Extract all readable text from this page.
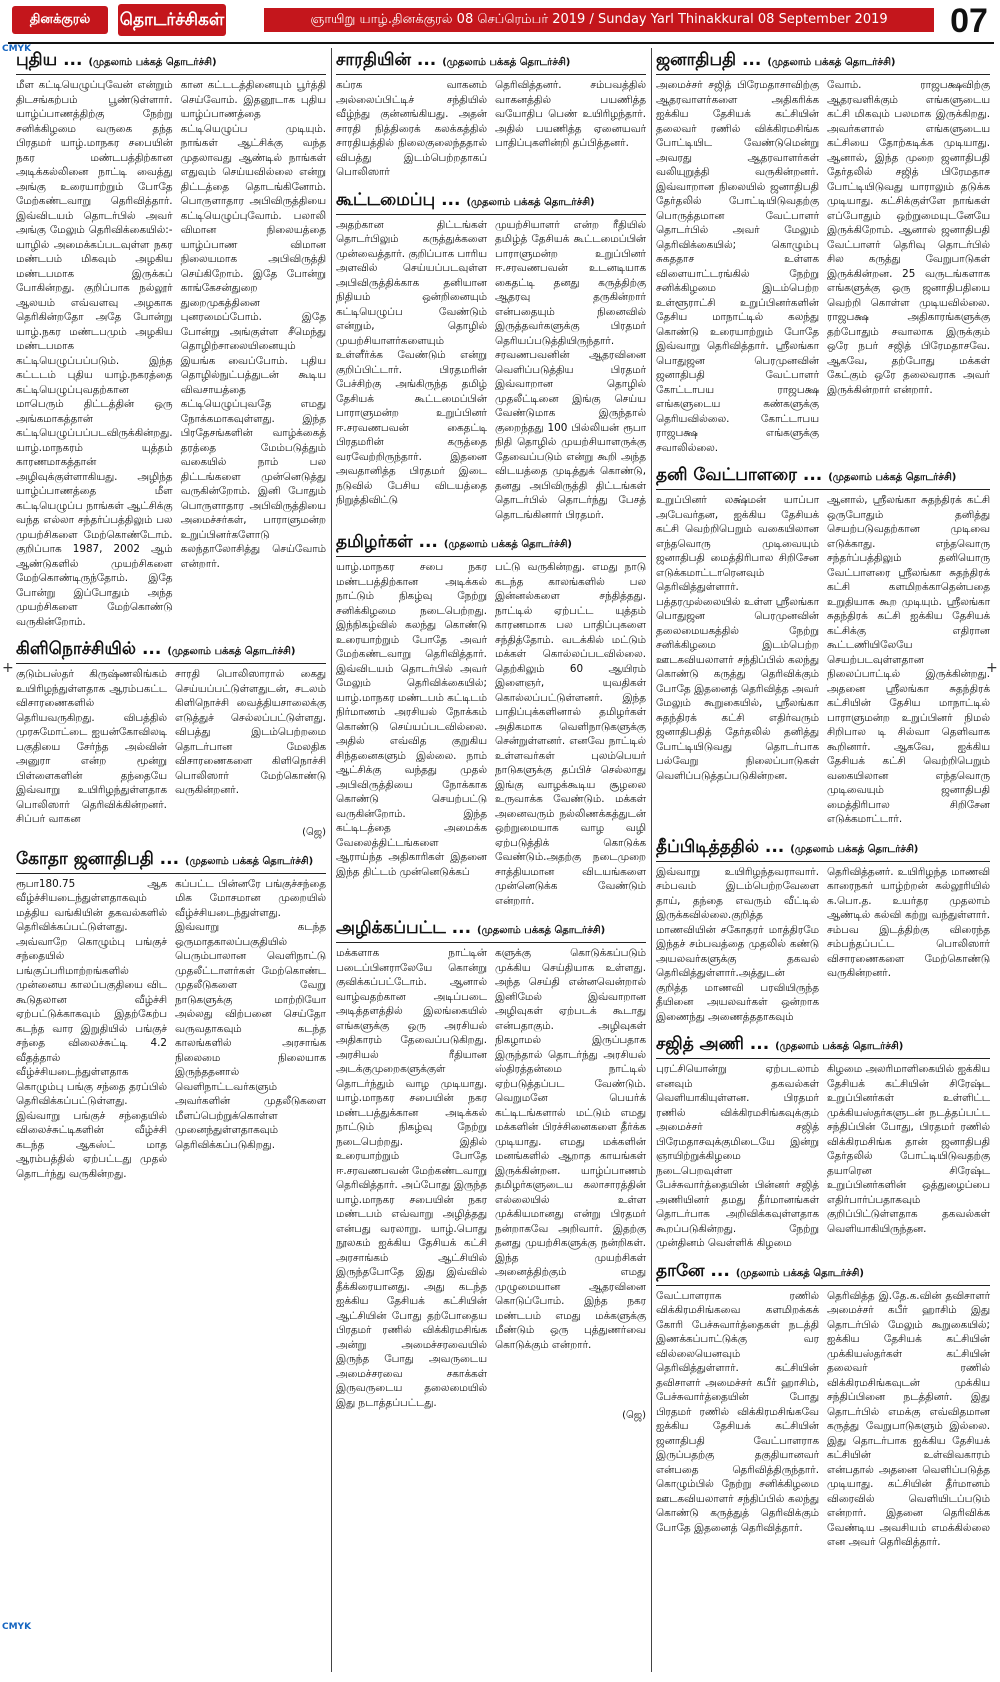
தினக்குரல்	தொடர்ச்சிகள்	ஞாயிறு யாழ்.தினக்குரல் 08 செப்ரெம்பர் 2019 / Sunday Yarl Thinakkural 08 September 2019	07
CMYK
CMYK
புதிய ... (முதலாம் பக்கத் தொடர்ச்சி)

மீள கட்டியெழுப்புவேன் என்றும் திடசங்கற்பம் பூண்டுள்ளார். யாழ்ப்பாணத்திற்கு நேற்று சனிக்கிழமை வருகை தந்த பிரதமர் யாழ்.மாநகர சபையின் நகர மண்டபத்திற்கான அடிக்கல்லினை நாட்டி வைத்து அங்கு உரையாற்றும் போதே மேற்கண்டவாறு தெரிவித்தார். இவ்விடயம் தொடர்பில் அவர் அங்கு மேலும் தெரிவிக்கையில்:- யாழில் அமைக்கப்படவுள்ள நகர மண்டபம் மிகவும் அழகிய மண்டபமாக இருக்கப் போகின்றது. குறிப்பாக நல்லூர் ஆலயம் எவ்வளவு அழகாக தெரிகின்றதோ அதே போன்று யாழ்.நகர மண்டபமும் அழகிய மண்டபமாக கட்டியெழுப்பப்படும். இந்த கட்டடம் புதிய யாழ்.நகரத்தை கட்டியெழுப்புவதற்கான மாபெரும் திட்டத்தின் ஒரு அங்கமாகத்தான் கட்டியெழுப்பப்படவிருக்கின்றது. யாழ்.மாநகரம் யுத்தம் காரணமாகத்தான் அழிவுக்குள்ளாகியது. அழிந்த யாழ்ப்பாணத்தை மீள கட்டியெழுப்ப நாங்கள் ஆட்சிக்கு வந்த எல்லா சந்தர்ப்பத்திலும் பல முயற்சிகளை மேற்கொண்டோம். குறிப்பாக 1987, 2002 ஆம் ஆண்டுகளில் முயற்சிகளை மேற்கொண்டிருந்தோம். இதே போன்று இப்போதும் அந்த முயற்சிகளை மேற்கொண்டு வருகின்றோம்.

கான கட்டடத்தினையும் பூர்த்தி செய்வோம். இதனூடாக புதிய யாழ்ப்பாணத்தை கட்டியெழுப்ப முடியும். நாங்கள் ஆட்சிக்கு வந்த முதலாவது ஆண்டில் நாங்கள் எதுவும் செய்யவில்லை என்று திட்டத்தை தொடங்கினோம். பொருளாதார அபிவிருத்தியை கட்டியெழுப்புவோம். பலாலி விமான நிலையத்தை யாழ்ப்பாண விமான நிலையமாக அபிவிருத்தி செய்கிறோம். இதே போன்று காங்கேசன்துறை துறைமுகத்தினை புனரமைப்போம். இதே போன்று அங்குள்ள சீமெந்து தொழிற்சாலையினையும் இயங்க வைப்போம். புதிய தொழில்நுட்பத்துடன் கூடிய விவசாயத்தை கட்டியெழுப்புவதே எமது நோக்கமாகவுள்ளது. இந்த பிரதேசங்களின் வாழ்க்கைத் தரத்தை மேம்படுத்தும் வகையில் நாம் பல திட்டங்களை முன்னெடுத்து வருகின்றோம். இனி போதும் பொருளாதார அபிவிருத்தியை அமைச்சர்கள், பாராளுமன்ற உறுப்பினர்களோடு கலந்தாலோசித்து செய்வோம் என்றார்.

கிளிநொச்சியில் ... (முதலாம் பக்கத் தொடர்ச்சி)

குடும்பஸ்தர் கிருஷ்ணலிங்கம் உயிரிழந்துள்ளதாக ஆரம்பகட்ட விசாரணைகளில் தெரியவருகிறது. விபத்தில் முரசுமோட்டை ஐயன்கோவிலடி பகுதியை சேர்ந்த அல்வின் அனுரா என்ற மூன்று பிள்ளைகளின் தந்தையே இவ்வாறு உயிரிழந்துள்ளதாக பொலிஸார் தெரிவிக்கின்றனர். சிப்பர் வாகன

சாரதி பொலிஸாரால் கைது செய்யப்பட்டுள்ளதுடன், சடலம் கிளிநொச்சி வைத்தியசாலைக்கு எடுத்துச் செல்லப்பட்டுள்ளது. விபத்து இடம்பெற்றமை தொடர்பான மேலதிக விசாரணைகளை கிளிநொச்சி பொலிஸார் மேற்கொண்டு வருகின்றனர்.

(ஜெ)
கோதா ஜனாதிபதி ... (முதலாம் பக்கத் தொடர்ச்சி)

ரூபா180.75 ஆக வீழ்ச்சியடைந்துள்ளதாகவும் மத்திய வங்கியின் தகவல்களில் தெரிவிக்கப்பட்டுள்ளது. அவ்வாறே கொழும்பு பங்குச் சந்தையில் பங்குப்பரிமாற்றங்களில் முன்னைய காலப்பகுதியை விட கூடுதலான வீழ்ச்சி ஏற்பட்டுக்காகவும் இதற்கேற்ப கடந்த வார இறுதியில் பங்குச் சந்தை விலைச்சுட்டி 4.2 வீதத்தால் வீழ்ச்சியடைந்துள்ளதாக கொழும்பு பங்கு சந்தை தரப்பில் தெரிவிக்கப்பட்டுள்ளது. இவ்வாறு பங்குச் சந்தையில் விலைச்சுட்டிகளின் வீழ்ச்சி கடந்த ஆகஸ்ட் மாத ஆரம்பத்தில் ஏற்பட்டது முதல் தொடர்ந்து வருகின்றது.

கப்பட்ட பின்னரே பங்குச்சந்தை மிக மோசமான முறையில் வீழ்ச்சியடைந்துள்ளது. இவ்வாறு கடந்த ஒருமாதகாலப்பகுதியில் பெரும்பாலான வெளிநாட்டு முதலீட்டாளர்கள் மேற்கொண்ட முதலீடுகளை வேறு நாடுகளுக்கு மாற்றியோ அல்லது விற்பனை செய்தோ வருவதாகவும் கடந்த காலங்களில் அரசாங்க நிலைமை நிலையாக இருந்ததனால் வெளிநாட்டவர்களும் அவர்களின் முதலீடுகளை மீளப்பெற்றுக்கொள்ள முனைந்துள்ளதாகவும் தெரிவிக்கப்படுகிறது.

சாரதியின் ... (முதலாம் பக்கத் தொடர்ச்சி)

கப்ரக வாகனம் அல்லைப்பிட்டிச் சந்தியில் வீழ்ந்து குன்னங்கியது. அதன் சாரதி நித்திரைக் கலக்கத்தில் சாரதியத்தில் நிலைகுலைந்ததால் விபத்து இடம்பெற்றதாகப் பொலிஸார்

தெரிவித்தனர். சம்பவத்தில் வாகனத்தில் பயணித்த வயோதிப பெண் உயிரிழந்தார். அதில் பயணித்த ஏனையவர் பாதிப்புகளின்றி தப்பித்தனர்.

கூட்டமைப்பு ... (முதலாம் பக்கத் தொடர்ச்சி)

அதற்கான திட்டங்கள் தொடர்பிலும் கருத்துக்களை முன்வைத்தார். குறிப்பாக பாரிய அளவில் செய்யப்படவுள்ள அபிவிருத்திக்காக தனியான நிதியம் ஒன்றினையும் கட்டியெழுப்ப வேண்டும் என்றும், தொழில் முயற்சியாளர்களையும் உள்ளீர்க்க வேண்டும் என்று குறிப்பிட்டார். பிரதமரின் பேச்சிற்கு அங்கிருந்த தமிழ் தேசியக் கூட்டமைப்பின் பாராளுமன்ற உறுப்பினர் ஈ.சரவணபவன் கைதட்டி பிரதமரின் கருத்தை வரவேற்றிருந்தார். இதனை அவதானித்த பிரதமர் இடை நடுவில் பேசிய விடயத்தை நிறுத்திவிட்டு

முயற்சியாளர் என்ற ரீதியில் தமிழ்த் தேசியக் கூட்டமைப்பின் பாராளுமன்ற உறுப்பினர் ஈ.சரவணபவன் உடனடியாக கைதட்டி தனது கருத்திற்கு ஆதரவு தருகின்றார் என்பதையும் நினைவில் இருத்தவர்களுக்கு பிரதமர் தெரியப்படுத்தியிருந்தார். சரவணபவனின் ஆதரவினை வெளிப்படுத்திய பிரதமர் இவ்வாறான தொழில் முதலீட்டினை இங்கு செய்ய வேண்டுமாக இருந்தால் குறைந்தது 100 பில்லியன் ரூபா நிதி தொழில் முயற்சியாளருக்கு தேவைப்படும் என்று கூறி அந்த விடயத்தை முடித்துக் கொண்டு, தனது அபிவிருத்தி திட்டங்கள் தொடர்பில் தொடர்ந்து பேசத் தொடங்கினார் பிரதமர்.

தமிழர்கள் ... (முதலாம் பக்கத் தொடர்ச்சி)

யாழ்.மாநகர சபை நகர மண்டபத்திற்கான அடிக்கல் நாட்டும் நிகழ்வு நேற்று சனிக்கிழமை நடைபெற்றது. இந்நிகழ்வில் கலந்து கொண்டு உரையாற்றும் போதே அவர் மேற்கண்டவாறு தெரிவித்தார். இவ்விடயம் தொடர்பில் அவர் மேலும் தெரிவிக்கையில்; யாழ்.மாநகர மண்டபம் கட்டிடம் நிர்மாணம் அரசியல் நோக்கம் கொண்டு செய்யப்படவில்லை. அதில் எவ்வித குறுகிய சிந்தனைகளும் இல்லை. நாம் ஆட்சிக்கு வந்தது முதல் அபிவிருத்தியை நோக்காக கொண்டு செயற்பட்டு வருகின்றோம். இந்த கட்டிடத்தை அமைக்க வேலைத்திட்டங்களை ஆராய்ந்த அதிகாரிகள் இதனை இந்த திட்டம் முன்னெடுக்கப்

பட்டு வருகின்றது. எமது நாடு கடந்த காலங்களில் பல இன்னல்களை சந்தித்தது. நாட்டில் ஏற்பட்ட யுத்தம் காரணமாக பல பாதிப்புகளை சந்தித்தோம். வடக்கில் மட்டும் மக்கள் கொல்லப்படவில்லை. தெற்கிலும் 60 ஆயிரம் இளைஞர், யுவதிகள் கொல்லப்பட்டுள்ளனர். இந்த பாதிப்புக்களினால் தமிழர்கள் அதிகமாக வெளிநாடுகளுக்கு சென்றுள்ளனர். எனவே நாட்டில் உள்ளவர்கள் புலம்பெயர் நாடுகளுக்கு தப்பிச் செல்லாது இங்கு வாழக்கூடிய சூழலை உருவாக்க வேண்டும். மக்கள் அனைவரும் நல்லிணக்கத்துடன் ஒற்றுமையாக வாழ வழி ஏற்படுத்திக் கொடுக்க வேண்டும்.அதற்கு நடைமுறை சாத்தியமான விடயங்களை முன்னெடுக்க வேண்டும் என்றார்.

அழிக்கப்பட்ட ... (முதலாம் பக்கத் தொடர்ச்சி)

மக்களாக நாட்டின் படைப்பினராலேயே கொன்று குவிக்கப்பட்டோம். ஆனால் வாழ்வதற்கான அடிப்படை அடித்தளத்தில் இலங்கையில் எங்களுக்கு ஒரு அரசியல் அதிகாரம் தேவைப்படுகிறது. அரசியல் ரீதியான அடக்குமுறைகளுக்குள் தொடர்ந்தும் வாழ முடியாது. யாழ்.மாநகர சபையின் நகர மண்டபத்துக்கான அடிக்கல் நாட்டும் நிகழ்வு நேற்று நடைபெற்றது. இதில் உரையாற்றும் போதே ஈ.சரவணபவன் மேற்கண்டவாறு தெரிவித்தார். அப்போது இருந்த யாழ்.மாநகர சபையின் நகர மண்டபம் எவ்வாறு அழித்தது என்பது வரலாறு. யாழ்.பொது நூலகம் ஐக்கிய தேசியக் கட்சி அரசாங்கம் ஆட்சியில் இருந்தபோதே இது இவ்வில் தீக்கிரையானது. அது கடந்த ஐக்கிய தேசியக் கட்சியின் ஆட்சியின் போது தற்போதைய பிரதமர் ரணில் விக்கிரமசிங்க அன்று அமைச்சரவையில் இருந்த போது அவருடைய அமைச்சரவை சகாக்கள் இருவருடைய தலைமையில் இது நடாத்தப்பட்டது.

களுக்கு கொடுக்கப்படும் முக்கிய செய்தியாக உள்ளது. அந்த செய்தி என்னவென்றால் இனிமேல் இவ்வாறான அழிவுகள் ஏற்படக் கூடாது என்பதாகும். அழிவுகள் நிகழாமல் இருப்பதாக இருந்தால் தொடர்ந்து அரசியல் ஸ்திரத்தன்மை நாட்டில் ஏற்படுத்தப்பட வேண்டும். வெறுமனே பெயர்க் கட்டிடங்களால் மட்டும் எமது மக்களின் பிரச்சினைகளை தீர்க்க முடியாது. எமது மக்களின் மனங்களில் ஆறாத காயங்கள் இருக்கின்றன. யாழ்ப்பாணம் தமிழர்களுடைய கலாசாரத்தின் எல்லையில் உள்ள முக்கியமானது என்று பிரதமர் நன்றாகவே அறிவார். இதற்கு தனது முயற்சிகளுக்கு நன்றிகள். இந்த முயற்சிகள் அனைத்திற்கும் எமது முழுமையான ஆதரவினை கொடுப்போம். இந்த நகர மண்டபம் எமது மக்களுக்கு மீண்டும் ஒரு புத்துணர்வை கொடுக்கும் என்றார்.

(ஜெ)
ஜனாதிபதி ... (முதலாம் பக்கத் தொடர்ச்சி)

அமைச்சர் சஜித் பிரேமதாசாவிற்கு ஆதரவாளர்களை அதிகரிக்க ஐக்கிய தேசியக் கட்சியின் தலைவர் ரணில் விக்கிரமசிங்க போட்டியிட வேண்டுமென்று அவரது ஆதரவாளர்கள் வலியுறுத்தி வருகின்றனர். இவ்வாறான நிலையில் ஜனாதிபதி தேர்தலில் போட்டியிடுவதற்கு பொருத்தமான வேட்பாளர் தொடர்பில் அவர் மேலும் தெரிவிக்கையில்; கொழும்பு சுகததாச உள்ளக விளையாட்டரங்கில் நேற்று சனிக்கிழமை இடம்பெற்ற உள்ளூராட்சி உறுப்பினர்களின் தேசிய மாநாட்டில் கலந்து கொண்டு உரையாற்றும் போதே இவ்வாறு தெரிவித்தார். ஸ்ரீலங்கா பொதுஜன பெரமுனவின் ஜனாதிபதி வேட்பாளர் கோட்டாபய ராஜபக்ஷ எங்களுடைய கண்களுக்கு தெரியவில்லை. கோட்டாபய ராஜபக்ஷ எங்களுக்கு சவாலில்லை.

வோம். ராஜபக்ஷவிற்கு ஆதரவளிக்கும் எங்களுடைய கட்சி மிகவும் பலமாக இருக்கிறது. அவர்களால் எங்களுடைய கட்சியை தோற்கடிக்க முடியாது. ஆனால், இந்த முறை ஜனாதிபதி தேர்தலில் சஜித் பிரேமதாச போட்டியிடுவது யாராலும் தடுக்க முடியாது. கட்சிக்குள்ளே நாங்கள் எப்போதும் ஒற்றுமையுடனேயே இருக்கிறோம். ஆனால் ஜனாதிபதி வேட்பாளர் தெரிவு தொடர்பில் சில கருத்து வேறுபாடுகள் இருக்கின்றன. 25 வருடங்களாக எங்களுக்கு ஒரு ஜனாதிபதியை வெற்றி கொள்ள முடியவில்லை. ராஜபக்ஷ அதிகாரங்களுக்கு தற்போதும் சவாலாக இருக்கும் ஒரே நபர் சஜித் பிரேமதாசவே. ஆகவே, தற்போது மக்கள் கேட்கும் ஒரே தலைவராக அவர் இருக்கின்றார் என்றார்.

தனி வேட்பாளரை ... (முதலாம் பக்கத் தொடர்ச்சி)

உறுப்பினர் லக்ஷ்மன் யாப்பா அபேவர்தன, ஐக்கிய தேசியக் கட்சி வெற்றிபெறும் வகையிலான எந்தவொரு முடிவையும் ஜனாதிபதி மைத்திரிபால சிறிசேன எடுக்கமாட்டாரெனவும் தெரிவித்துள்ளார். பத்தரமுல்லையில் உள்ள ஸ்ரீலங்கா பொதுஜன பெரமுனவின் தலைமையகத்தில் நேற்று சனிக்கிழமை இடம்பெற்ற ஊடகவியலாளர் சந்திப்பில் கலந்து கொண்டு கருத்து தெரிவிக்கும் போதே இதனைத் தெரிவித்த அவர் மேலும் கூறுகையில், ஸ்ரீலங்கா சுதந்திரக் கட்சி எதிர்வரும் ஜனாதிபதித் தேர்தலில் தனித்து போட்டியிடுவது தொடர்பாக பல்வேறு நிலைப்பாடுகள் வெளிப்படுத்தப்படுகின்றன.

ஆனால், ஸ்ரீலங்கா சுதந்திரக் கட்சி ஒருபோதும் தனித்து செயற்படுவதற்கான முடிவை எடுக்காது. எந்தவொரு சந்தர்ப்பத்திலும் தனியொரு வேட்பாளரை ஸ்ரீலங்கா சுதந்திரக் கட்சி களமிறக்காதென்பதை உறுதியாக கூற முடியும். ஸ்ரீலங்கா சுதந்திரக் கட்சி ஐக்கிய தேசியக் கட்சிக்கு எதிரான கூட்டணியிலேயே செயற்படவுள்ளதான நிலைப்பாட்டில் இருக்கின்றது. அதனை ஸ்ரீலங்கா சுதந்திரக் கட்சியின் தேசிய மாநாட்டில் பாராளுமன்ற உறுப்பினர் நிமல் சிறிபால டி சில்வா தெளிவாக கூறினார். ஆகவே, ஐக்கிய தேசியக் கட்சி வெற்றிபெறும் வகையிலான எந்தவொரு முடிவையும் ஜனாதிபதி மைத்திரிபால சிறிசேன எடுக்கமாட்டார்.

தீப்பிடித்ததில் ... (முதலாம் பக்கத் தொடர்ச்சி)

இவ்வாறு உயிரிழந்தவராவார். சம்பவம் இடம்பெற்றவேளை தாய், தந்தை எவரும் வீட்டில் இருக்கவில்லை.குறித்த மாணவியின் சகோதரர் மாத்திரமே இந்தச் சம்பவத்தை முதலில் கண்டு அயலவர்களுக்கு தகவல் தெரிவித்துள்ளார்.அத்துடன் குறித்த மாணவி பரவியிருந்த தீயினை அயலவர்கள் ஒன்றாக இணைந்து அணைத்ததாகவும்

தெரிவித்தனர். உயிரிழந்த மாணவி காரைநகர் யாழ்ற்றன் கல்லூரியில் க.பொ.த. உயர்தர முதலாம் ஆண்டில் கல்வி கற்று வந்துள்ளார். சம்பவ இடத்திற்கு விரைந்த சம்பந்தப்பட்ட பொலிஸார் விசாரணைகளை மேற்கொண்டு வருகின்றனர்.

சஜித் அணி ... (முதலாம் பக்கத் தொடர்ச்சி)

புரட்சியொன்று ஏற்படலாம் எனவும் தகவல்கள் வெளியாகியுள்ளன. பிரதமர் ரணில் விக்கிரமசிங்கவுக்கும் அமைச்சர் சஜித் பிரேமதாசவுக்குமிடையே இன்று ஞாயிற்றுக்கிழமை நடைபெறவுள்ள பேச்சுவார்த்தையின் பின்னர் சஜித் அணியினர் தமது தீர்மானங்கள் தொடர்பாக அறிவிக்கவுள்ளதாக கூறப்படுகின்றது. நேற்று முன்தினம் வெள்ளிக் கிழமை

கிழமை அலரிமாளிகையில் ஐக்கிய தேசியக் கட்சியின் சிரேஷ்ட உறுப்பினர்கள் உள்ளிட்ட முக்கியஸ்தர்களுடன் நடத்தப்பட்ட சந்திப்பின் போது, பிரதமர் ரணில் விக்கிரமசிங்க தான் ஜனாதிபதி தேர்தலில் போட்டியிடுவதற்கு தயாரென சிரேஷ்ட உறுப்பினர்களின் ஒத்துழைப்பை எதிர்பார்ப்பதாகவும் குறிப்பிட்டுள்ளதாக தகவல்கள் வெளியாகியிருந்தன.

தானே ... (முதலாம் பக்கத் தொடர்ச்சி)

வேட்பாளராக ரணில் விக்கிரமசிங்கவை களமிறக்கக் கோரி பேச்சுவார்த்தைகள் நடத்தி இணக்கப்பாட்டுக்கு வர வில்லையெனவும் தெரிவித்துள்ளார். கட்சியின் தவிசாளர் அமைச்சர் கபீர் ஹாசிம், பேச்சுவார்த்தையின் போது பிரதமர் ரணில் விக்கிரமசிங்கவே ஐக்கிய தேசியக் கட்சியின் ஜனாதிபதி வேட்பாளராக இருப்பதற்கு தகுதியானவர் என்பதை தெரிவித்திருந்தார். கொழும்பில் நேற்று சனிக்கிழமை ஊடகவியலாளர் சந்திப்பில் கலந்து கொண்டு கருத்துத் தெரிவிக்கும் போதே இதனைத் தெரிவித்தார்.

தெரிவித்த இ.தே.க.வின் தவிசாளர் அமைச்சர் கபீர் ஹாசிம் இது தொடர்பில் மேலும் கூறுகையில்; ஐக்கிய தேசியக் கட்சியின் முக்கியஸ்தர்கள் கட்சியின் தலைவர் ரணில் விக்கிரமசிங்கவுடன் முக்கிய சந்திப்பினை நடத்தினர். இது தொடர்பில் எமக்கு எவ்விதமான கருத்து வேறுபாடுகளும் இல்லை. இது தொடர்பாக ஐக்கிய தேசியக் கட்சியின் உள்விவகாரம் என்பதால் அதனை வெளிப்படுத்த முடியாது. கட்சியின் தீர்மானம் விரைவில் வெளியிடப்படும் என்றார். இதனை தெரிவிக்க வேண்டிய அவசியம் எமக்கில்லை என அவர் தெரிவித்தார்.

+	+
